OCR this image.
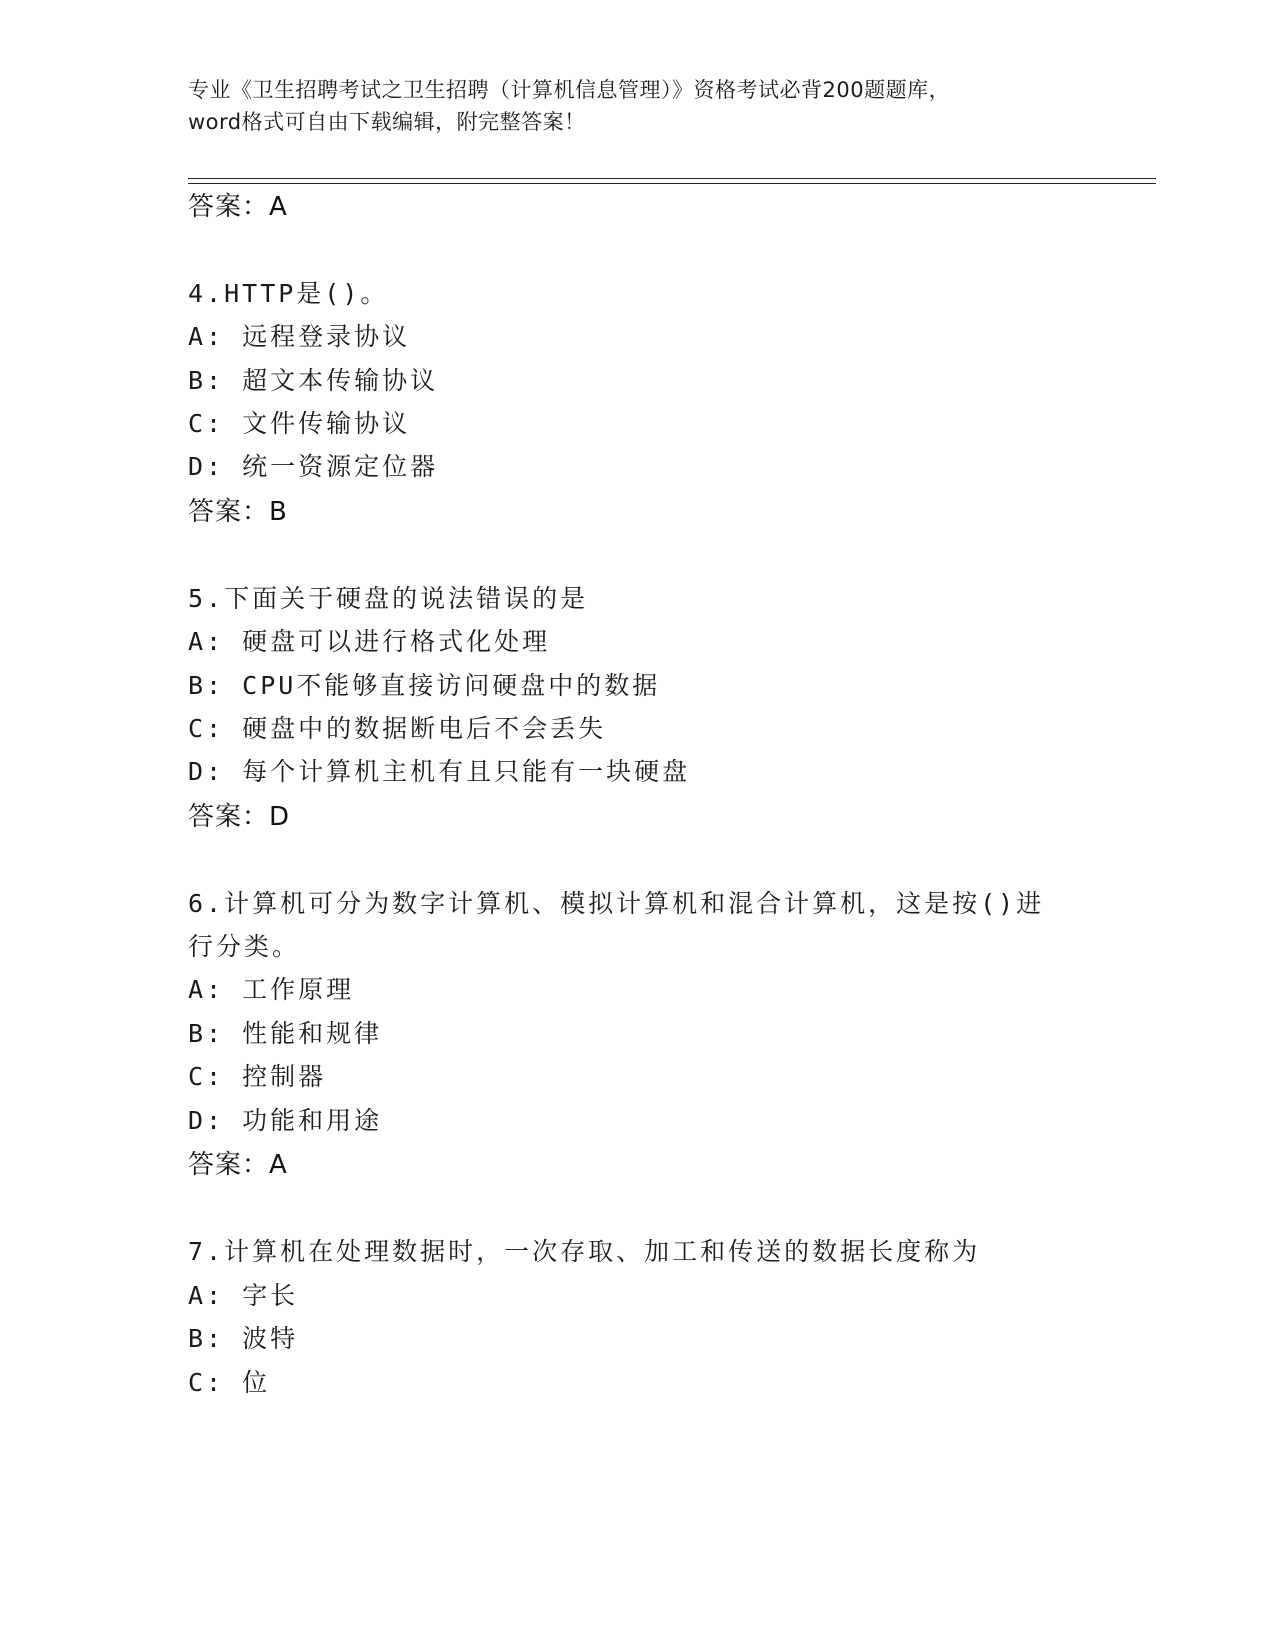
专业《卫生招聘考试之卫生招聘（计算机信息管理）》资格考试必背200题题库，
word格式可自由下载编辑，附完整答案！
答案：A
4.HTTP是()。
A: 远程登录协议
B: 超文本传输协议
C: 文件传输协议
D: 统一资源定位器
答案：B
5.下面关于硬盘的说法错误的是
A: 硬盘可以进行格式化处理
B: CPU不能够直接访问硬盘中的数据
C: 硬盘中的数据断电后不会丢失
D: 每个计算机主机有且只能有一块硬盘
答案：D
6.计算机可分为数字计算机、模拟计算机和混合计算机，这是按()进
行分类。
A: 工作原理
B: 性能和规律
C: 控制器
D: 功能和用途
答案：A
7.计算机在处理数据时，一次存取、加工和传送的数据长度称为
A: 字长
B: 波特
C: 位
